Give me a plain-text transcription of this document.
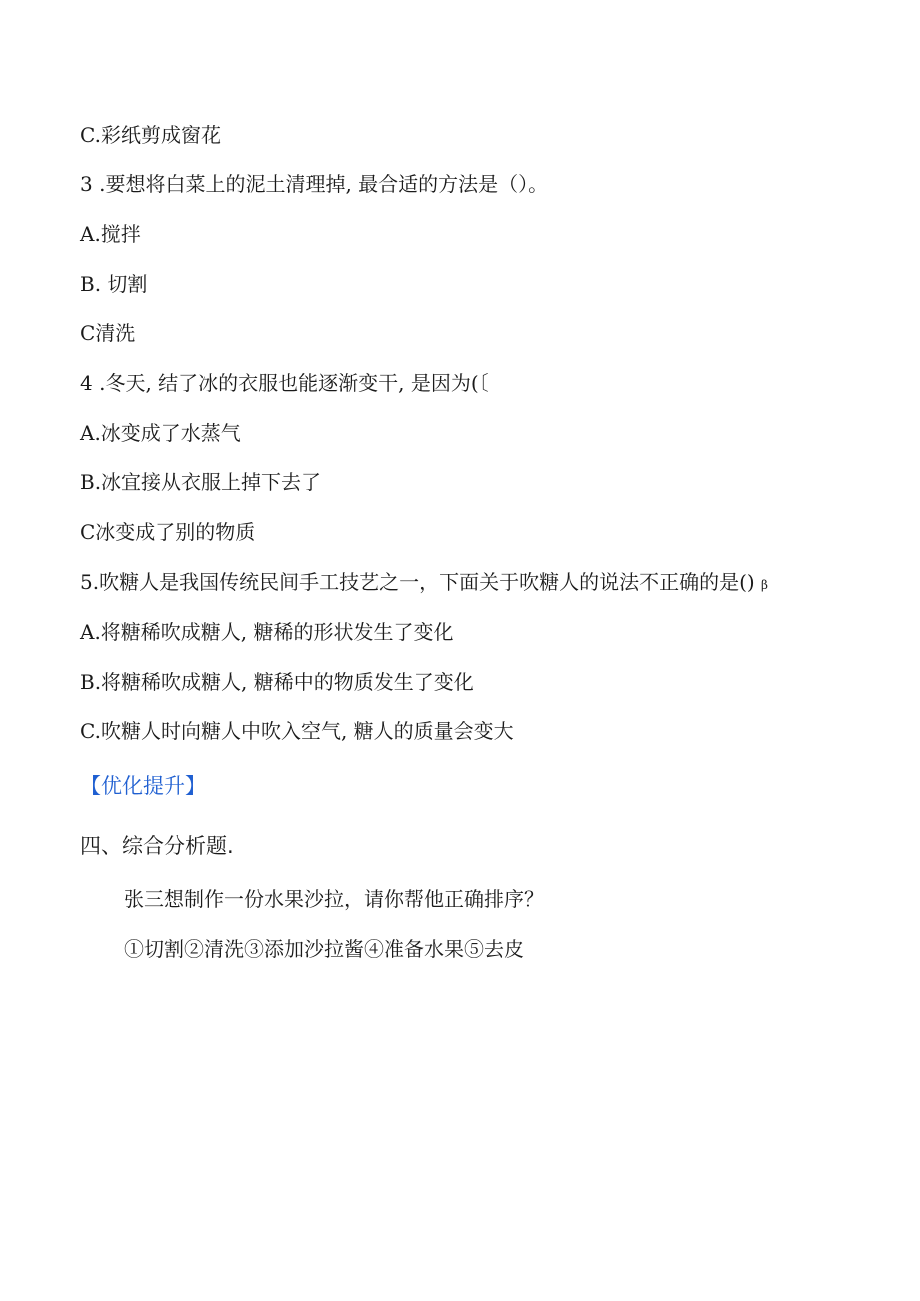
C.彩纸剪成窗花
3 .要想将白菜上的泥土清理掉, 最合适的方法是（）。
A.搅拌
B. 切割
C清洗
4 .冬天, 结了冰的衣服也能逐渐变干, 是因为(〔
A.冰变成了水蒸气
B.冰宜接从衣服上掉下去了
C冰变成了别的物质
5.吹糖人是我国传统民间手工技艺之一，下面关于吹糖人的说法不正确的是() β
A.将糖稀吹成糖人, 糖稀的形状发生了变化
B.将糖稀吹成糖人, 糖稀中的物质发生了变化
C.吹糖人时向糖人中吹入空气, 糖人的质量会变大
【优化提升】
四、综合分析题.
张三想制作一份水果沙拉，请你帮他正确排序？
①切割②清洗③添加沙拉酱④准备水果⑤去皮
